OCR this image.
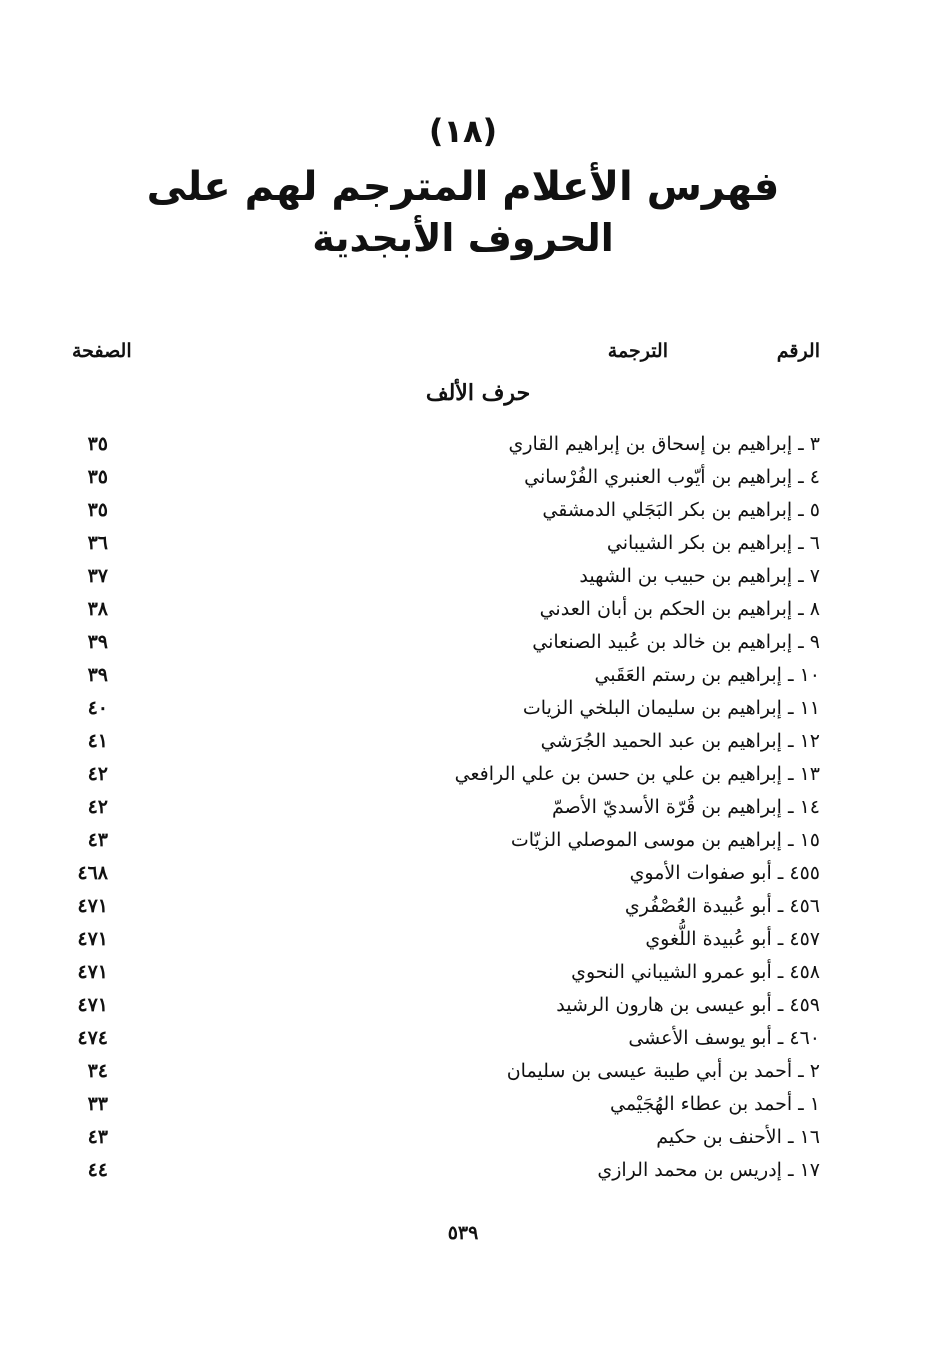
(١٨)
فهرس الأعلام المترجم لهم على
الحروف الأبجدية
الرقم
الترجمة
الصفحة
حرف الألف
٣ ـ إبراهيم بن إسحاق بن إبراهيم القاري
٣٥
٤ ـ إبراهيم بن أيّوب العنبري الفُرْساني
٣٥
٥ ـ إبراهيم بن بكر البَجَلي الدمشقي
٣٥
٦ ـ إبراهيم بن بكر الشيباني
٣٦
٧ ـ إبراهيم بن حبيب بن الشهيد
٣٧
٨ ـ إبراهيم بن الحكم بن أبان العدني
٣٨
٩ ـ إبراهيم بن خالد بن عُبيد الصنعاني
٣٩
١٠ ـ إبراهيم بن رستم العَقَبي
٣٩
١١ ـ إبراهيم بن سليمان البلخي الزيات
٤٠
١٢ ـ إبراهيم بن عبد الحميد الجُرَشي
٤١
١٣ ـ إبراهيم بن علي بن حسن بن علي الرافعي
٤٢
١٤ ـ إبراهيم بن قُرّة الأسديّ الأصمّ
٤٢
١٥ ـ إبراهيم بن موسى الموصلي الزيّات
٤٣
٤٥٥ ـ أبو صفوات الأموي
٤٦٨
٤٥٦ ـ أبو عُبيدة العُصْفُري
٤٧١
٤٥٧ ـ أبو عُبيدة اللُّغوي
٤٧١
٤٥٨ ـ أبو عمرو الشيباني النحوي
٤٧١
٤٥٩ ـ أبو عيسى بن هارون الرشيد
٤٧١
٤٦٠ ـ أبو يوسف الأعشى
٤٧٤
٢ ـ أحمد بن أبي طيبة عيسى بن سليمان
٣٤
١ ـ أحمد بن عطاء الهُجَيْمي
٣٣
١٦ ـ الأحنف بن حكيم
٤٣
١٧ ـ إدريس بن محمد الرازي
٤٤
٥٣٩
